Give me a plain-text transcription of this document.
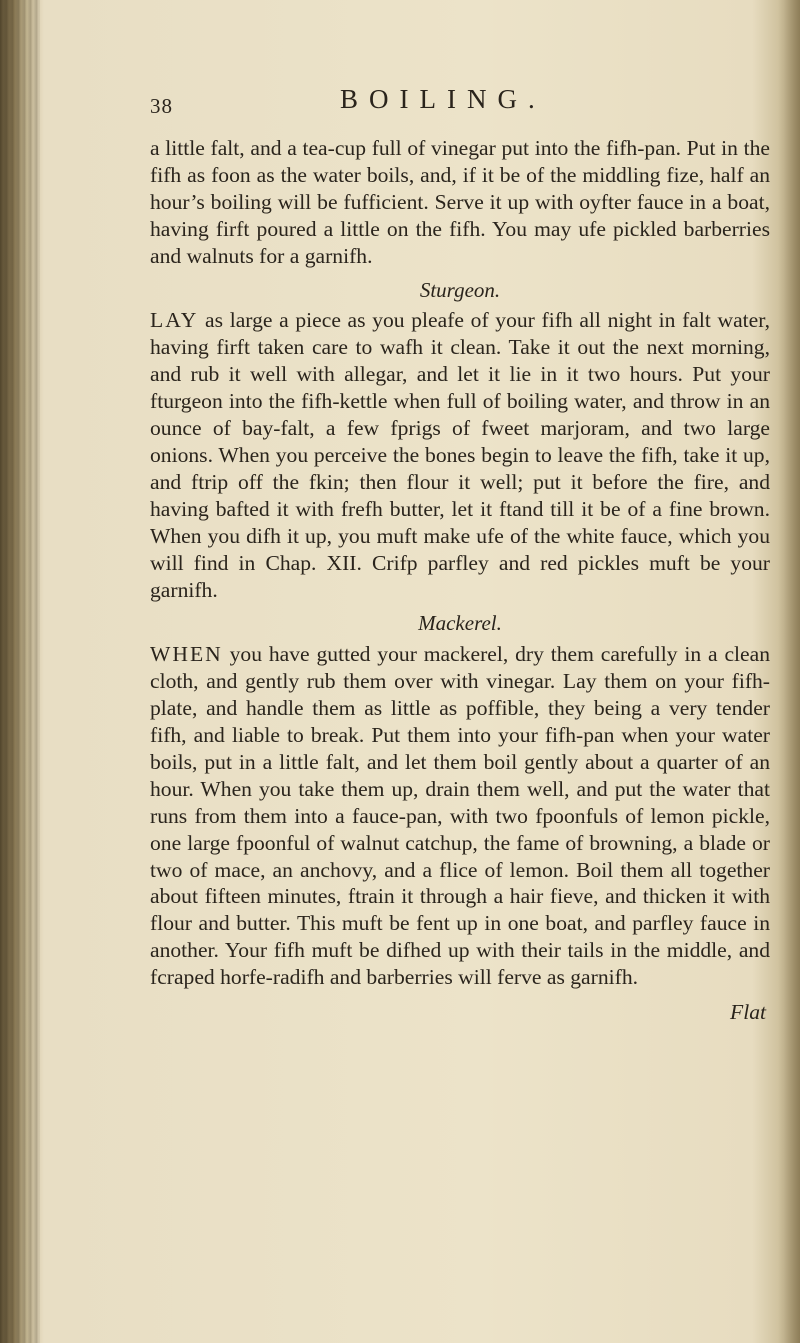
38	BOILING.

a little falt, and a tea-cup full of vinegar put into the fifh-pan. Put in the fifh as foon as the water boils, and, if it be of the middling fize, half an hour’s boiling will be fufficient. Serve it up with oyfter fauce in a boat, having firft poured a little on the fifh. You may ufe pickled barberries and walnuts for a garnifh.

Sturgeon.

LAY as large a piece as you pleafe of your fifh all night in falt water, having firft taken care to wafh it clean. Take it out the next morning, and rub it well with allegar, and let it lie in it two hours. Put your fturgeon into the fifh-kettle when full of boiling water, and throw in an ounce of bay-falt, a few fprigs of fweet marjoram, and two large onions. When you perceive the bones begin to leave the fifh, take it up, and ftrip off the fkin; then flour it well; put it before the fire, and having bafted it with frefh butter, let it ftand till it be of a fine brown. When you difh it up, you muft make ufe of the white fauce, which you will find in Chap. XII. Crifp parfley and red pickles muft be your garnifh.

Mackerel.

WHEN you have gutted your mackerel, dry them carefully in a clean cloth, and gently rub them over with vinegar. Lay them on your fifh-plate, and handle them as little as poffible, they being a very tender fifh, and liable to break. Put them into your fifh-pan when your water boils, put in a little falt, and let them boil gently about a quarter of an hour. When you take them up, drain them well, and put the water that runs from them into a fauce-pan, with two fpoonfuls of lemon pickle, one large fpoonful of walnut catchup, the fame of browning, a blade or two of mace, an anchovy, and a flice of lemon. Boil them all together about fifteen minutes, ftrain it through a hair fieve, and thicken it with flour and butter. This muft be fent up in one boat, and parfley fauce in another. Your fifh muft be difhed up with their tails in the middle, and fcraped horfe-radifh and barberries will ferve as garnifh.

Flat
